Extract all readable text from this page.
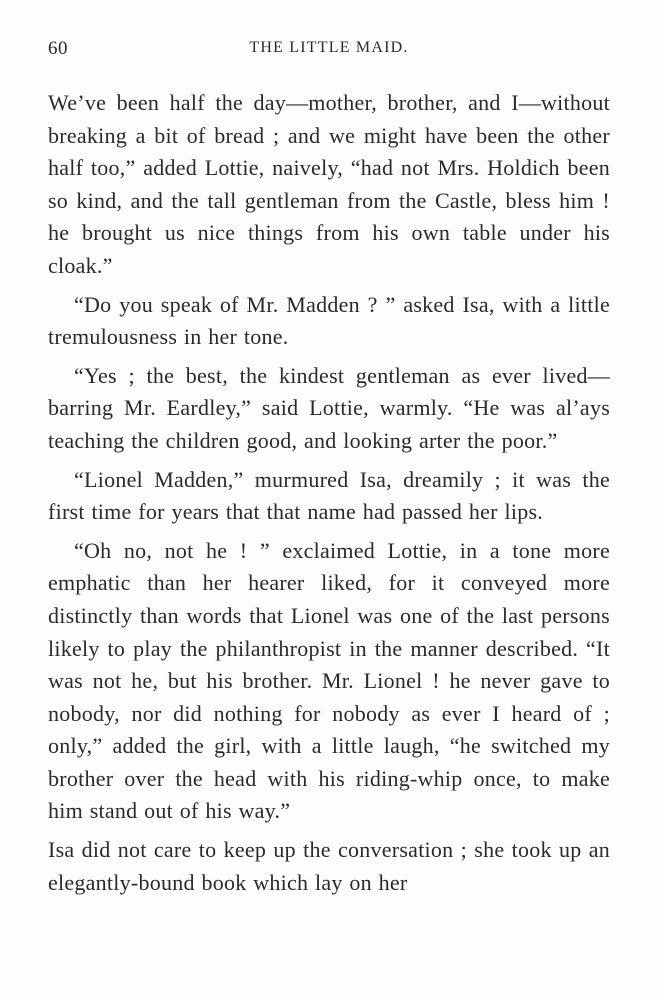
60	THE LITTLE MAID.

We’ve been half the day—mother, brother, and I—without breaking a bit of bread ; and we might have been the other half too,” added Lottie, naively, “had not Mrs. Holdich been so kind, and the tall gentleman from the Castle, bless him ! he brought us nice things from his own table under his cloak.”

“Do you speak of Mr. Madden ? ” asked Isa, with a little tremulousness in her tone.

“Yes ; the best, the kindest gentleman as ever lived—barring Mr. Eardley,” said Lottie, warmly. “He was al’ays teaching the children good, and looking arter the poor.”

“Lionel Madden,” murmured Isa, dreamily ; it was the first time for years that that name had passed her lips.

“Oh no, not he ! ” exclaimed Lottie, in a tone more emphatic than her hearer liked, for it conveyed more distinctly than words that Lionel was one of the last persons likely to play the philanthropist in the manner described. “It was not he, but his brother. Mr. Lionel ! he never gave to nobody, nor did nothing for nobody as ever I heard of ; only,” added the girl, with a little laugh, “he switched my brother over the head with his riding-whip once, to make him stand out of his way.”

Isa did not care to keep up the conversation ; she took up an elegantly-bound book which lay on her
